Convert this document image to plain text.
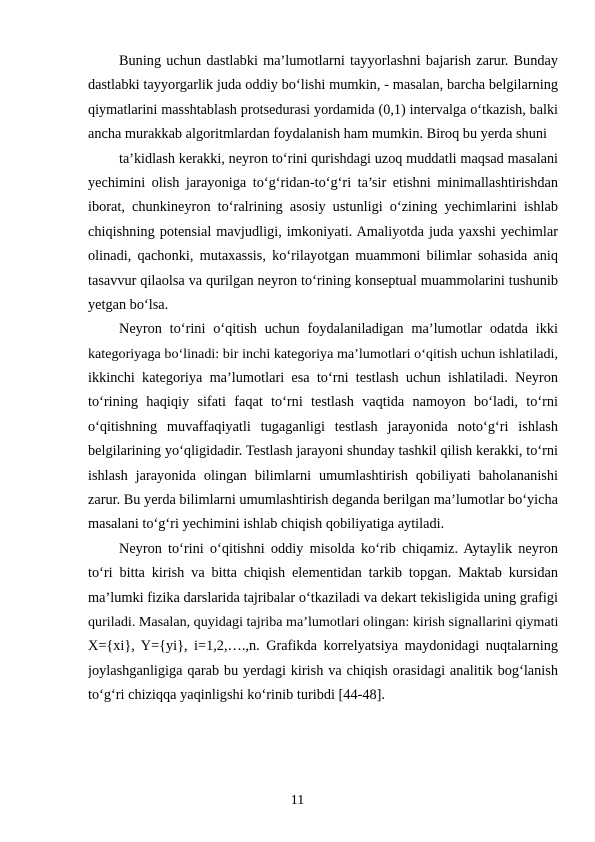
Buning uchun dastlabki ma’lumotlarni tayyorlashni bajarish zarur. Bunday
dastlabki tayyorgarlik juda oddiy bo‘lishi mumkin, - masalan, barcha belgilarning
qiymatlarini masshtablash protsedurasi yordamida (0,1) intervalga o‘tkazish, balki
ancha murakkab algoritmlardan foydalanish ham mumkin. Biroq bu yerda shuni
ta’kidlash kerakki, neyron to‘rini qurishdagi uzoq muddatli maqsad masalani
yechimini olish jarayoniga to‘g‘ridan-to‘g‘ri ta’sir etishni minimallashtirishdan
iborat, chunkineyron to‘ralrining asosiy ustunligi o‘zining yechimlarini ishlab
chiqishning potensial mavjudligi, imkoniyati. Amaliyotda juda yaxshi yechimlar
olinadi, qachonki, mutaxassis, ko‘rilayotgan muammoni bilimlar sohasida aniq
tasavvur qilaolsa va qurilgan neyron to‘rining konseptual muammolarini tushunib
yetgan bo‘lsa.
Neyron to‘rini o‘qitish uchun foydalaniladigan ma’lumotlar odatda ikki
kategoriyaga bo‘linadi: bir inchi kategoriya ma’lumotlari o‘qitish uchun ishlatiladi,
ikkinchi kategoriya ma’lumotlari esa to‘rni testlash uchun ishlatiladi. Neyron
to‘rining haqiqiy sifati faqat to‘rni testlash vaqtida namoyon bo‘ladi, to‘rni
o‘qitishning muvaffaqiyatli tugaganligi testlash jarayonida noto‘g‘ri ishlash
belgilarining yo‘qligidadir. Testlash jarayoni shunday tashkil qilish kerakki, to‘rni
ishlash jarayonida olingan bilimlarni umumlashtirish qobiliyati baholananishi
zarur. Bu yerda bilimlarni umumlashtirish deganda berilgan ma’lumotlar bo‘yicha
masalani to‘g‘ri yechimini ishlab chiqish qobiliyatiga aytiladi.
Neyron to‘rini o‘qitishni oddiy misolda ko‘rib chiqamiz. Aytaylik neyron
to‘ri bitta kirish va bitta chiqish elementidan tarkib topgan. Maktab kursidan
ma’lumki fizika darslarida tajribalar o‘tkaziladi va dekart tekisligida uning grafigi
quriladi. Masalan, quyidagi tajriba ma’lumotlari olingan: kirish signallarini qiymati
X={xi}, Y={yi}, i=1,2,….,n. Grafikda korrelyatsiya maydonidagi nuqtalarning
joylashganligiga qarab bu yerdagi kirish va chiqish orasidagi analitik bog‘lanish
to‘g‘ri chiziqqa yaqinligshi ko‘rinib turibdi [44-48].
11
